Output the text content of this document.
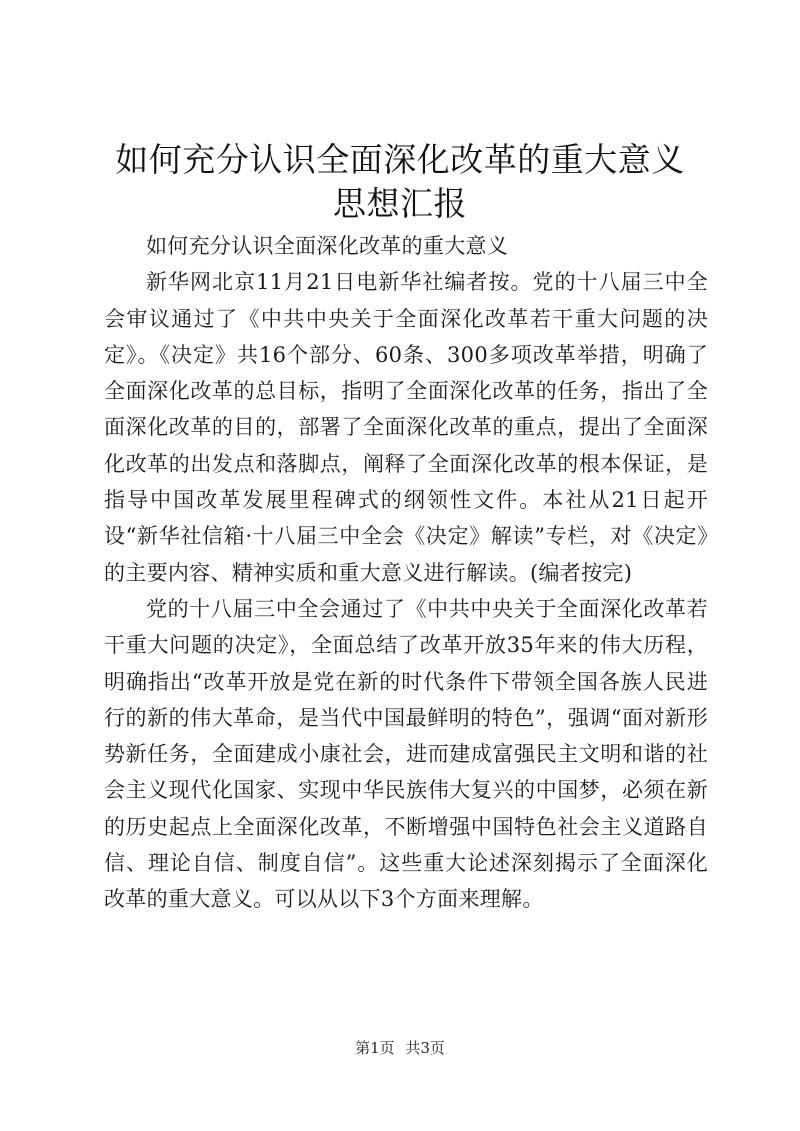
如何充分认识全面深化改革的重大意义思想汇报

如何充分认识全面深化改革的重大意义

新华网北京11月21日电新华社编者按。党的十八届三中全会审议通过了《中共中央关于全面深化改革若干重大问题的决定》。《决定》共16个部分、60条、300多项改革举措，明确了全面深化改革的总目标，指明了全面深化改革的任务，指出了全面深化改革的目的，部署了全面深化改革的重点，提出了全面深化改革的出发点和落脚点，阐释了全面深化改革的根本保证，是指导中国改革发展里程碑式的纲领性文件。本社从21日起开设“新华社信箱·十八届三中全会《决定》解读”专栏，对《决定》的主要内容、精神实质和重大意义进行解读。(编者按完)

党的十八届三中全会通过了《中共中央关于全面深化改革若干重大问题的决定》，全面总结了改革开放35年来的伟大历程，明确指出“改革开放是党在新的时代条件下带领全国各族人民进行的新的伟大革命，是当代中国最鲜明的特色”，强调“面对新形势新任务，全面建成小康社会，进而建成富强民主文明和谐的社会主义现代化国家、实现中华民族伟大复兴的中国梦，必须在新的历史起点上全面深化改革，不断增强中国特色社会主义道路自信、理论自信、制度自信”。这些重大论述深刻揭示了全面深化改革的重大意义。可以从以下3个方面来理解。

第1页 共3页
